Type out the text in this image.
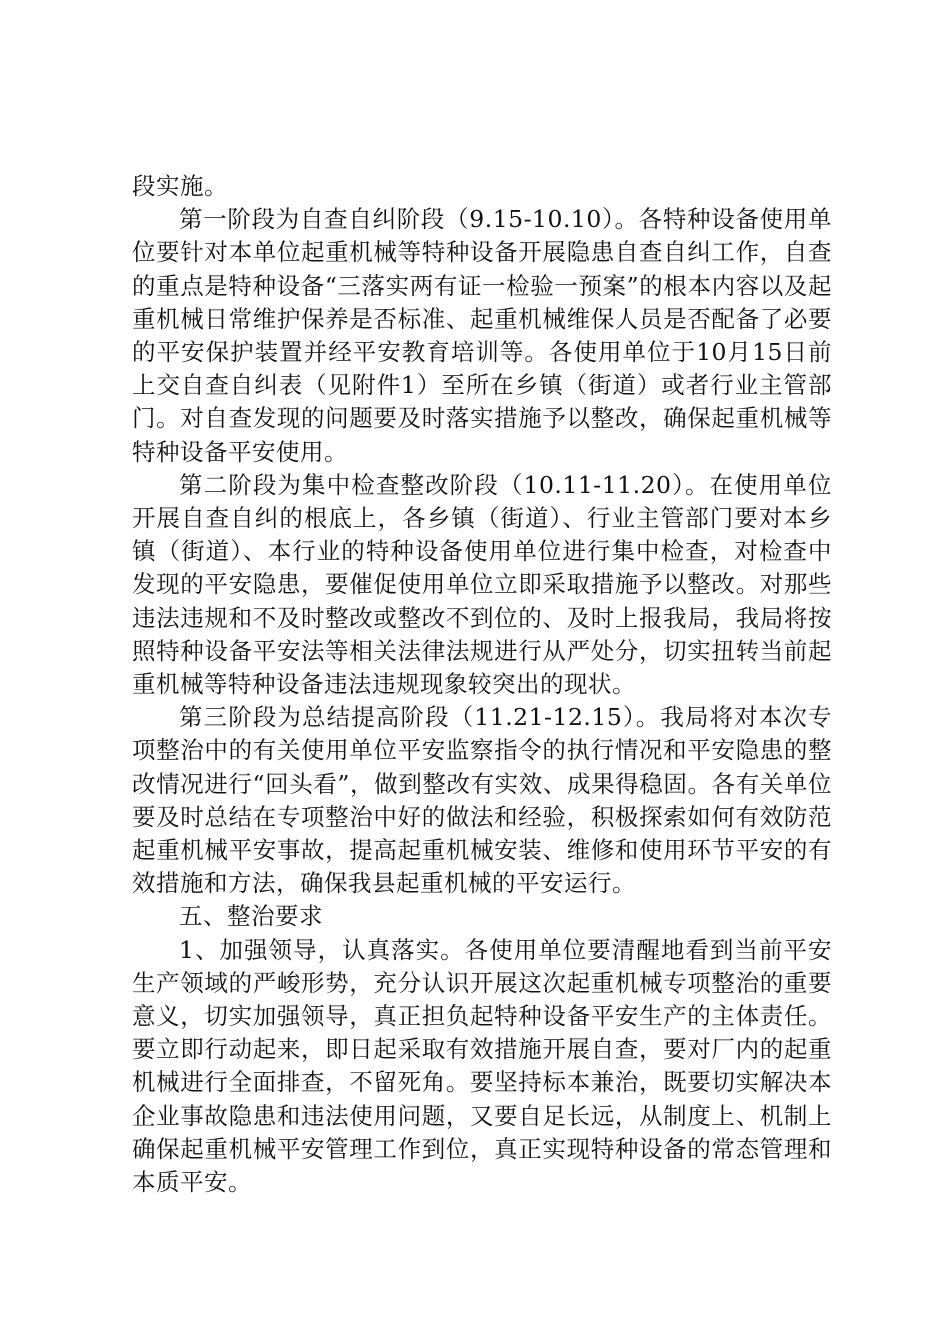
段实施。

第一阶段为自查自纠阶段（9.15-10.10）。各特种设备使用单位要针对本单位起重机械等特种设备开展隐患自查自纠工作，自查的重点是特种设备“三落实两有证一检验一预案”的根本内容以及起重机械日常维护保养是否标准、起重机械维保人员是否配备了必要的平安保护装置并经平安教育培训等。各使用单位于10月15日前上交自查自纠表（见附件1）至所在乡镇（街道）或者行业主管部门。对自查发现的问题要及时落实措施予以整改，确保起重机械等特种设备平安使用。

第二阶段为集中检查整改阶段（10.11-11.20）。在使用单位开展自查自纠的根底上，各乡镇（街道）、行业主管部门要对本乡镇（街道）、本行业的特种设备使用单位进行集中检查，对检查中发现的平安隐患，要催促使用单位立即采取措施予以整改。对那些违法违规和不及时整改或整改不到位的、及时上报我局，我局将按照特种设备平安法等相关法律法规进行从严处分，切实扭转当前起重机械等特种设备违法违规现象较突出的现状。

第三阶段为总结提高阶段（11.21-12.15）。我局将对本次专项整治中的有关使用单位平安监察指令的执行情况和平安隐患的整改情况进行“回头看”，做到整改有实效、成果得稳固。各有关单位要及时总结在专项整治中好的做法和经验，积极探索如何有效防范起重机械平安事故，提高起重机械安装、维修和使用环节平安的有效措施和方法，确保我县起重机械的平安运行。

五、整治要求

1、加强领导，认真落实。各使用单位要清醒地看到当前平安生产领域的严峻形势，充分认识开展这次起重机械专项整治的重要意义，切实加强领导，真正担负起特种设备平安生产的主体责任。要立即行动起来，即日起采取有效措施开展自查，要对厂内的起重机械进行全面排查，不留死角。要坚持标本兼治，既要切实解决本企业事故隐患和违法使用问题，又要自足长远，从制度上、机制上确保起重机械平安管理工作到位，真正实现特种设备的常态管理和本质平安。
